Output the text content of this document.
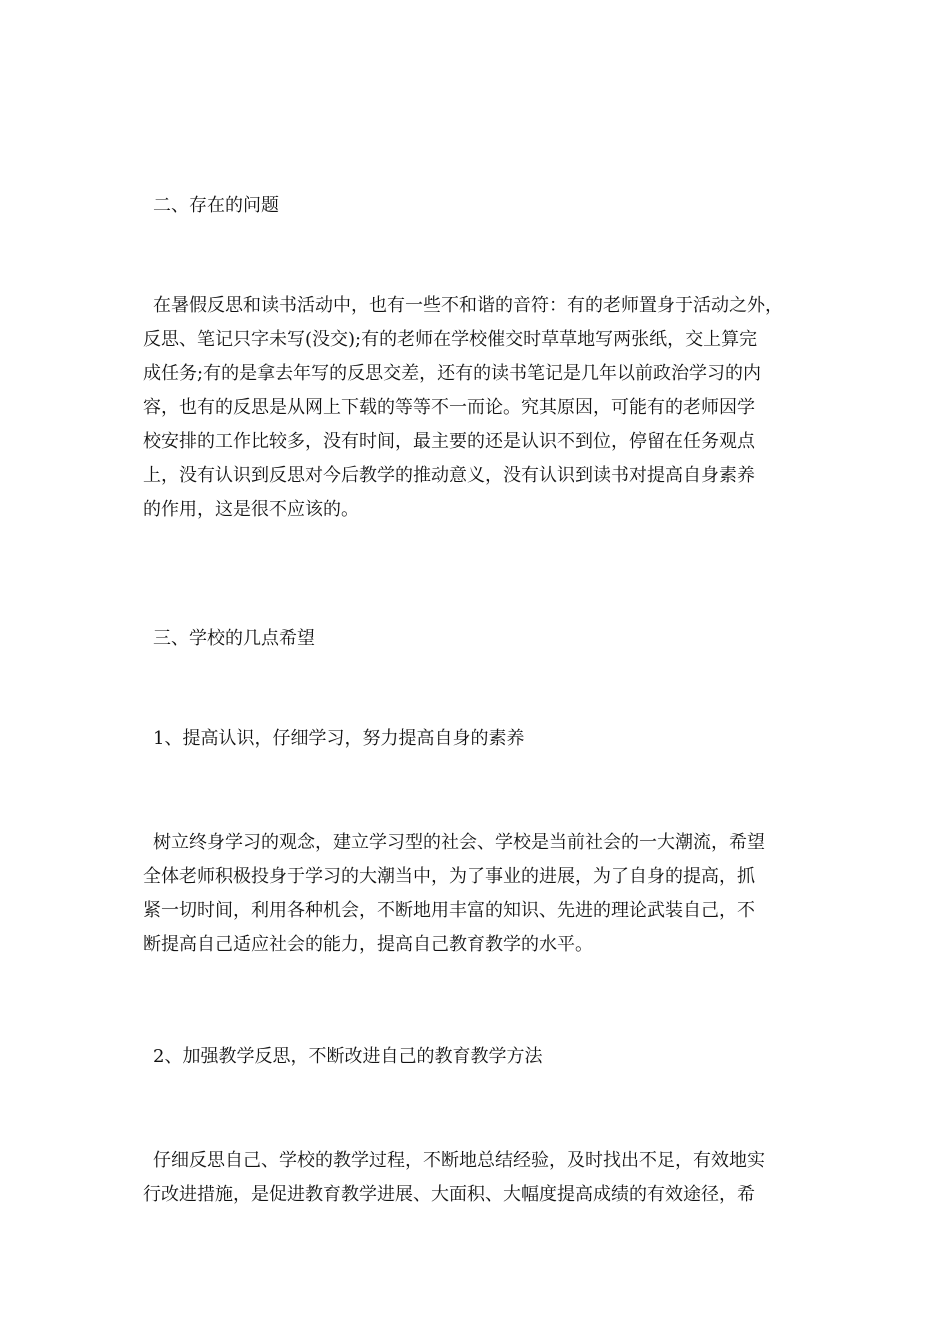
二、存在的问题
在暑假反思和读书活动中，也有一些不和谐的音符：有的老师置身于活动之外，
反思、笔记只字未写(没交);有的老师在学校催交时草草地写两张纸，交上算完
成任务;有的是拿去年写的反思交差，还有的读书笔记是几年以前政治学习的内
容，也有的反思是从网上下载的等等不一而论。究其原因，可能有的老师因学
校安排的工作比较多，没有时间，最主要的还是认识不到位，停留在任务观点
上，没有认识到反思对今后教学的推动意义，没有认识到读书对提高自身素养
的作用，这是很不应该的。
三、学校的几点希望
1、提高认识，仔细学习，努力提高自身的素养
树立终身学习的观念，建立学习型的社会、学校是当前社会的一大潮流，希望
全体老师积极投身于学习的大潮当中，为了事业的进展，为了自身的提高，抓
紧一切时间，利用各种机会，不断地用丰富的知识、先进的理论武装自己，不
断提高自己适应社会的能力，提高自己教育教学的水平。
2、加强教学反思，不断改进自己的教育教学方法
仔细反思自己、学校的教学过程，不断地总结经验，及时找出不足，有效地实
行改进措施，是促进教育教学进展、大面积、大幅度提高成绩的有效途径，希
